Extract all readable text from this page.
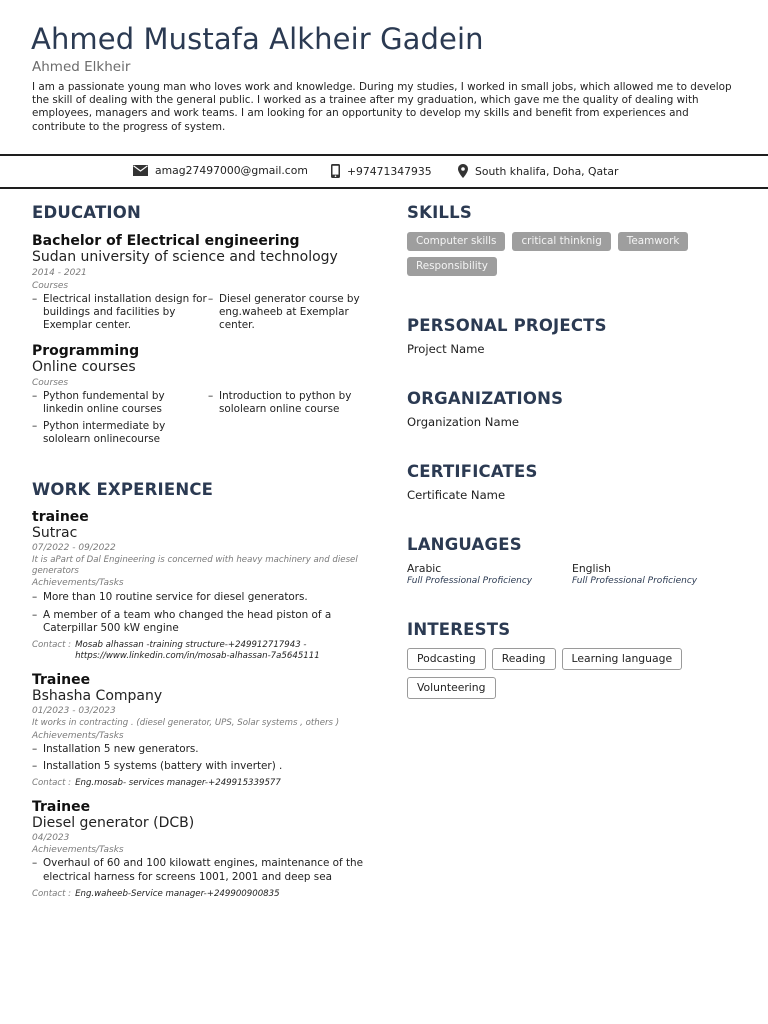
Ahmed Mustafa Alkheir Gadein
Ahmed Elkheir
I am a passionate young man who loves work and knowledge. During my studies, I worked in small jobs, which allowed me to develop the skill of dealing with the general public. I worked as a trainee after my graduation, which gave me the quality of dealing with employees, managers and work teams. I am looking for an opportunity to develop my skills and benefit from experiences and contribute to the progress of system.
amag27497000@gmail.com	+97471347935	South khalifa, Doha, Qatar
EDUCATION
Bachelor of Electrical engineering
Sudan university of science and technology
2014 - 2021
Courses
– Electrical installation design for buildings and facilities by Exemplar center.
– Diesel generator course by eng.waheeb at Exemplar center.
Programming
Online courses
Courses
– Python fundemental by linkedin online courses
– Introduction to python by sololearn online course
– Python intermediate by sololearn onlinecourse
WORK EXPERIENCE
trainee
Sutrac
07/2022 - 09/2022
It is aPart of Dal Engineering is concerned with heavy machinery and diesel generators
Achievements/Tasks
– More than 10 routine service for diesel generators.
– A member of a team who changed the head piston of a Caterpillar 500 kW engine
Contact : Mosab alhassan -training structure-+249912717943 - https://www.linkedin.com/in/mosab-alhassan-7a5645111
Trainee
Bshasha Company
01/2023 - 03/2023
It works in contracting . (diesel generator, UPS, Solar systems , others )
Achievements/Tasks
– Installation 5 new generators.
– Installation 5 systems (battery with inverter) .
Contact : Eng.mosab- services manager-+249915339577
Trainee
Diesel generator (DCB)
04/2023
Achievements/Tasks
– Overhaul of 60 and 100 kilowatt engines, maintenance of the electrical harness for screens 1001, 2001 and deep sea
Contact : Eng.waheeb-Service manager-+249900900835
SKILLS
Computer skills	critical thinknig	Teamwork
Responsibility
PERSONAL PROJECTS
Project Name
ORGANIZATIONS
Organization Name
CERTIFICATES
Certificate Name
LANGUAGES
Arabic
Full Professional Proficiency
English
Full Professional Proficiency
INTERESTS
Podcasting	Reading	Learning language
Volunteering
